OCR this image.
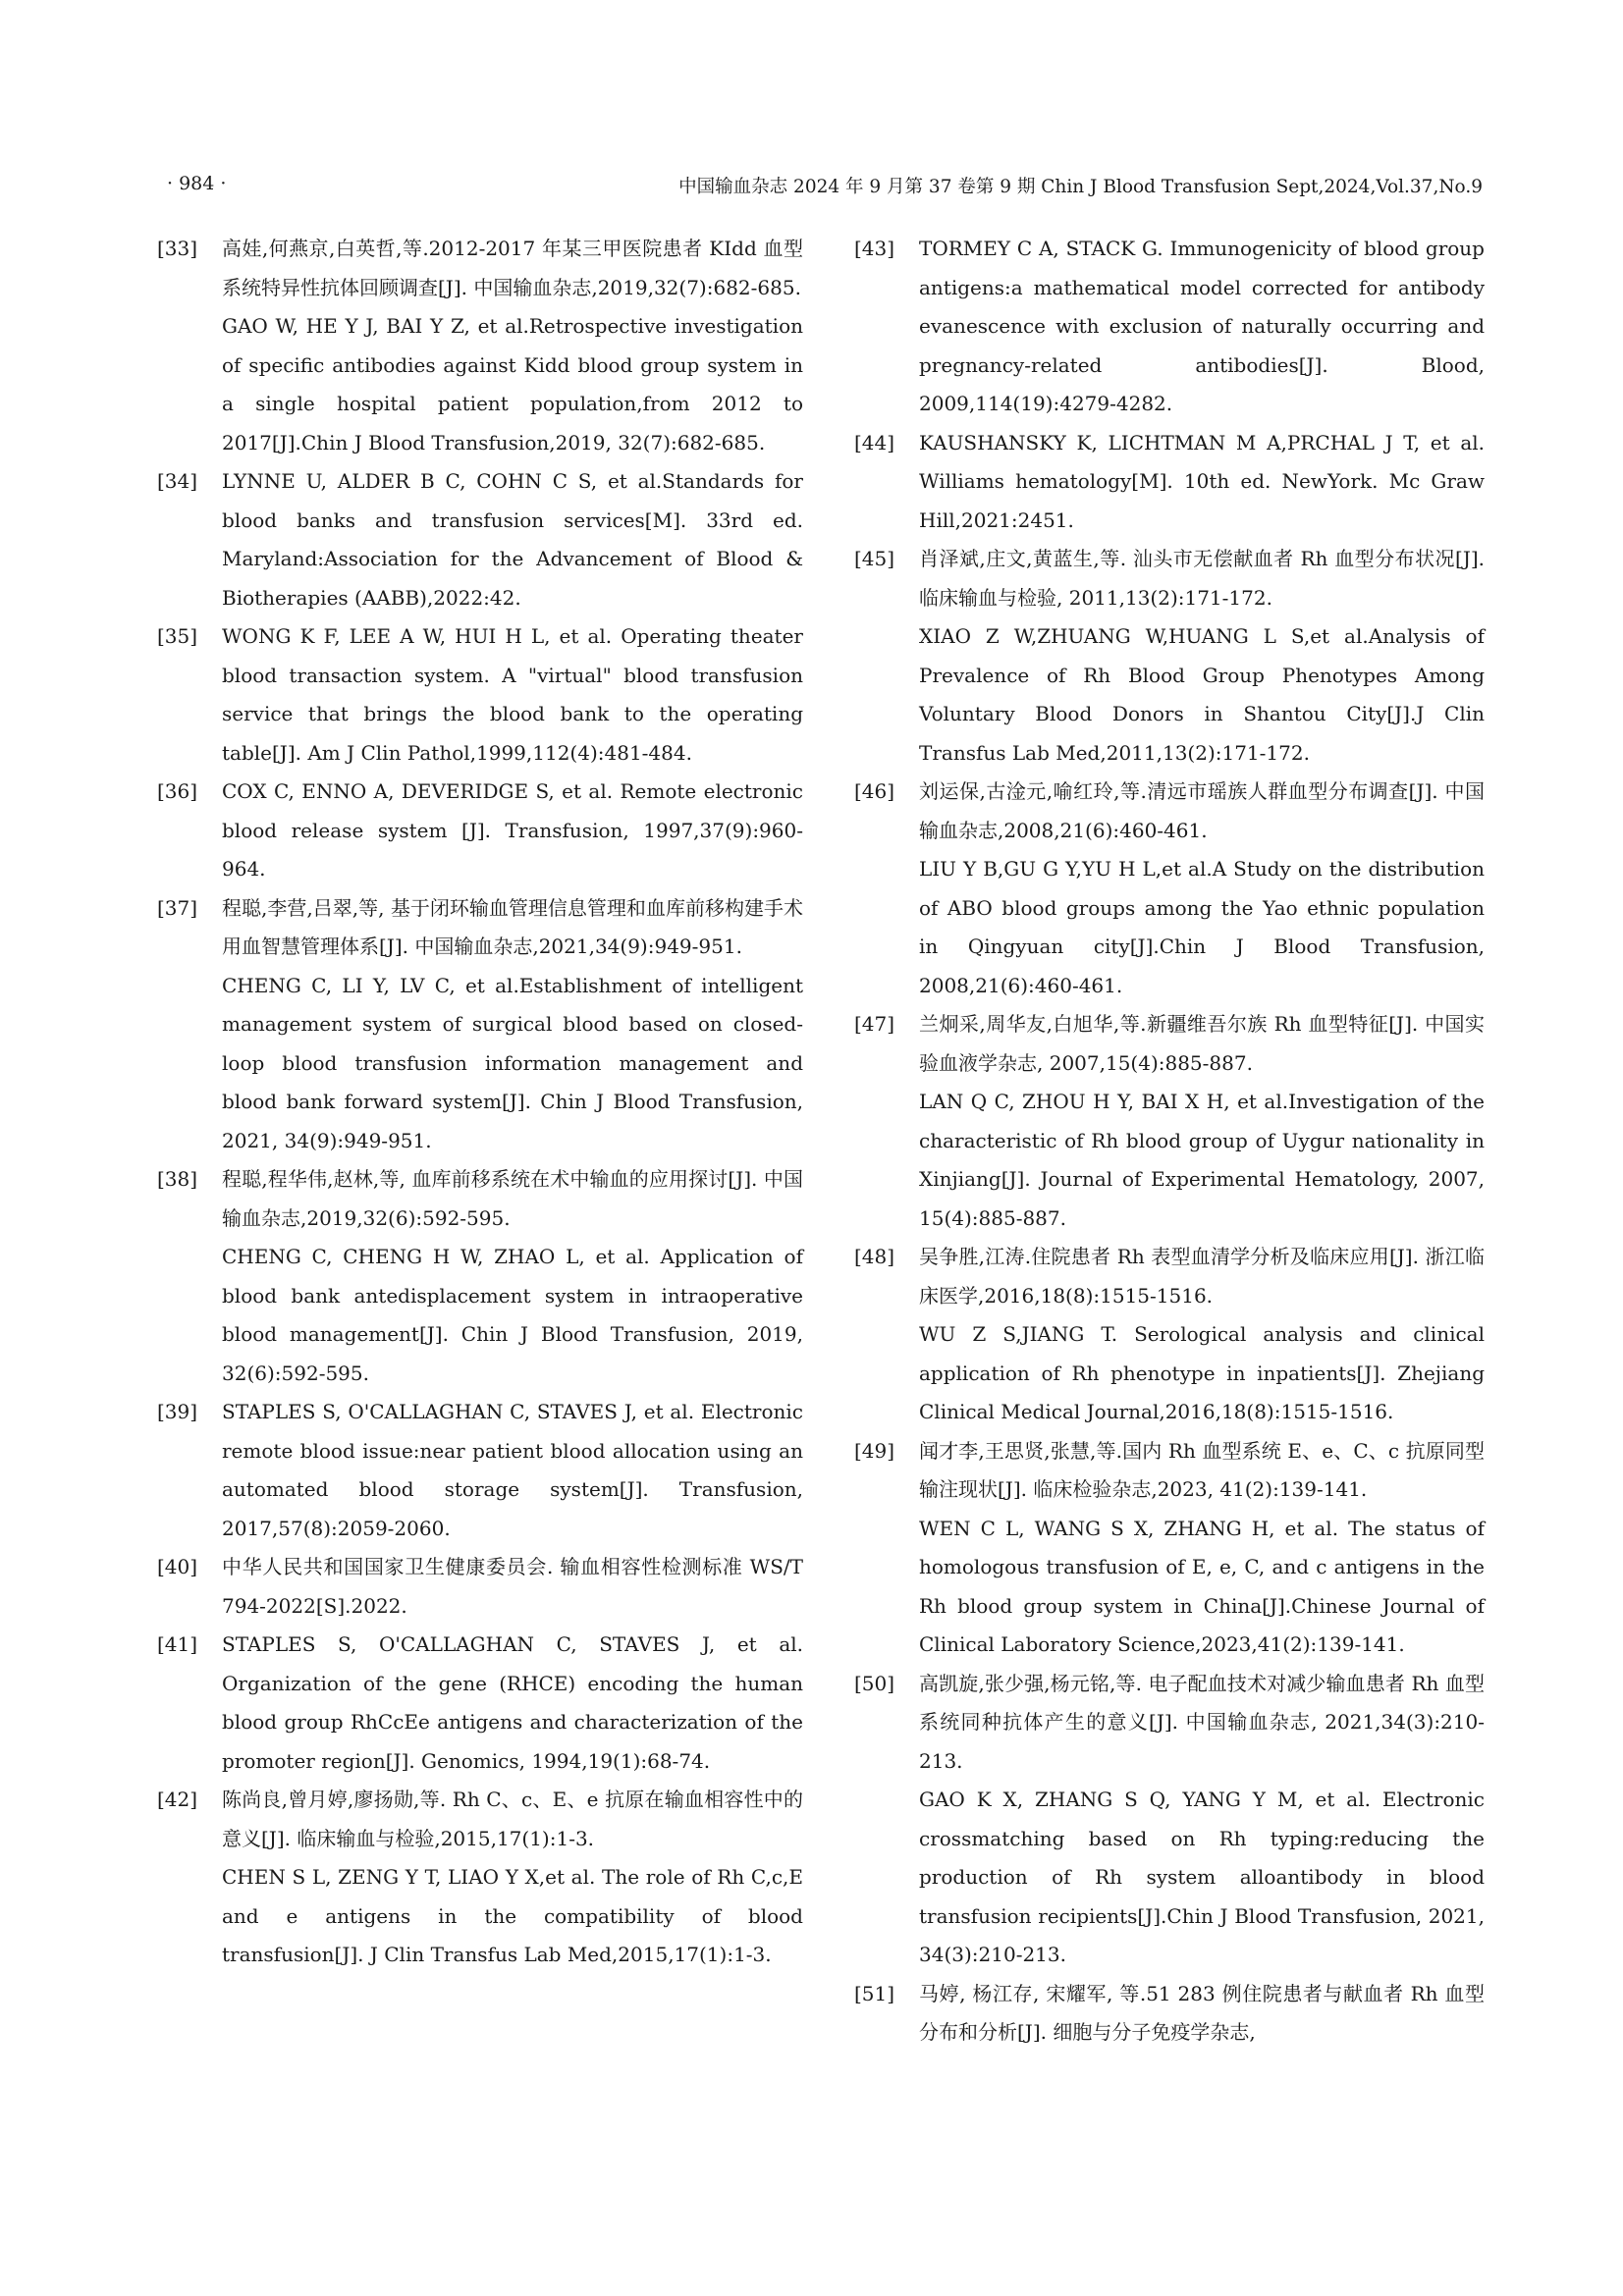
· 984 ·	中国输血杂志 2024 年 9 月第 37 卷第 9 期 Chin J Blood Transfusion Sept,2024,Vol.37,No.9
[33] 高娃,何燕京,白英哲,等.2012-2017 年某三甲医院患者 KIdd 血型系统特异性抗体回顾调查[J]. 中国输血杂志,2019,32(7):682-685.

GAO W, HE Y J, BAI Y Z, et al.Retrospective investigation of specific antibodies against Kidd blood group system in a single hospital patient population,from 2012 to 2017[J].Chin J Blood Transfusion,2019, 32(7):682-685.

[34] LYNNE U, ALDER B C, COHN C S, et al.Standards for blood banks and transfusion services[M]. 33rd ed. Maryland:Association for the Advancement of Blood & Biotherapies (AABB),2022:42.

[35] WONG K F, LEE A W, HUI H L, et al. Operating theater blood transaction system. A "virtual" blood transfusion service that brings the blood bank to the operating table[J]. Am J Clin Pathol,1999,112(4):481-484.

[36] COX C, ENNO A, DEVERIDGE S, et al. Remote electronic blood release system [J]. Transfusion, 1997,37(9):960-964.

[37] 程聪,李营,吕翠,等, 基于闭环输血管理信息管理和血库前移构建手术用血智慧管理体系[J]. 中国输血杂志,2021,34(9):949-951.

CHENG C, LI Y, LV C, et al.Establishment of intelligent management system of surgical blood based on closed-loop blood transfusion information management and blood bank forward system[J]. Chin J Blood Transfusion, 2021, 34(9):949-951.

[38] 程聪,程华伟,赵林,等, 血库前移系统在术中输血的应用探讨[J]. 中国输血杂志,2019,32(6):592-595.

CHENG C, CHENG H W, ZHAO L, et al. Application of blood bank antedisplacement system in intraoperative blood management[J]. Chin J Blood Transfusion, 2019, 32(6):592-595.

[39] STAPLES S, O'CALLAGHAN C, STAVES J, et al. Electronic remote blood issue:near patient blood allocation using an automated blood storage system[J]. Transfusion, 2017,57(8):2059-2060.

[40] 中华人民共和国国家卫生健康委员会. 输血相容性检测标准 WS/T 794-2022[S].2022.

[41] STAPLES S, O'CALLAGHAN C, STAVES J, et al. Organization of the gene (RHCE) encoding the human blood group RhCcEe antigens and characterization of the promoter region[J]. Genomics, 1994,19(1):68-74.

[42] 陈尚良,曾月婷,廖扬勋,等. Rh C、c、E、e 抗原在输血相容性中的意义[J]. 临床输血与检验,2015,17(1):1-3.

CHEN S L, ZENG Y T, LIAO Y X,et al. The role of Rh C,c,E and e antigens in the compatibility of blood transfusion[J]. J Clin Transfus Lab Med,2015,17(1):1-3.

[43] TORMEY C A, STACK G. Immunogenicity of blood group antigens:a mathematical model corrected for antibody evanescence with exclusion of naturally occurring and pregnancy-related antibodies[J]. Blood, 2009,114(19):4279-4282.

[44] KAUSHANSKY K, LICHTMAN M A,PRCHAL J T, et al. Williams hematology[M]. 10th ed. NewYork. Mc Graw Hill,2021:2451.

[45] 肖泽斌,庄文,黄蓝生,等. 汕头市无偿献血者 Rh 血型分布状况[J]. 临床输血与检验, 2011,13(2):171-172.

XIAO Z W,ZHUANG W,HUANG L S,et al.Analysis of Prevalence of Rh Blood Group Phenotypes Among Voluntary Blood Donors in Shantou City[J].J Clin Transfus Lab Med,2011,13(2):171-172.

[46] 刘运保,古淦元,喻红玲,等.清远市瑶族人群血型分布调查[J]. 中国输血杂志,2008,21(6):460-461.

LIU Y B,GU G Y,YU H L,et al.A Study on the distribution of ABO blood groups among the Yao ethnic population in Qingyuan city[J].Chin J Blood Transfusion, 2008,21(6):460-461.

[47] 兰炯采,周华友,白旭华,等.新疆维吾尔族 Rh 血型特征[J]. 中国实验血液学杂志, 2007,15(4):885-887.

LAN Q C, ZHOU H Y, BAI X H, et al.Investigation of the characteristic of Rh blood group of Uygur nationality in Xinjiang[J]. Journal of Experimental Hematology, 2007, 15(4):885-887.

[48] 吴争胜,江涛.住院患者 Rh 表型血清学分析及临床应用[J]. 浙江临床医学,2016,18(8):1515-1516.

WU Z S,JIANG T. Serological analysis and clinical application of Rh phenotype in inpatients[J]. Zhejiang Clinical Medical Journal,2016,18(8):1515-1516.

[49] 闻才李,王思贤,张慧,等.国内 Rh 血型系统 E、e、C、c 抗原同型输注现状[J]. 临床检验杂志,2023, 41(2):139-141.

WEN C L, WANG S X, ZHANG H, et al. The status of homologous transfusion of E, e, C, and c antigens in the Rh blood group system in China[J].Chinese Journal of Clinical Laboratory Science,2023,41(2):139-141.

[50] 高凯旋,张少强,杨元铭,等. 电子配血技术对减少输血患者 Rh 血型系统同种抗体产生的意义[J]. 中国输血杂志, 2021,34(3):210-213.

GAO K X, ZHANG S Q, YANG Y M, et al. Electronic crossmatching based on Rh typing:reducing the production of Rh system alloantibody in blood transfusion recipients[J].Chin J Blood Transfusion, 2021, 34(3):210-213.

[51] 马婷, 杨江存, 宋耀军, 等.51 283 例住院患者与献血者 Rh 血型分布和分析[J]. 细胞与分子免疫学杂志,
